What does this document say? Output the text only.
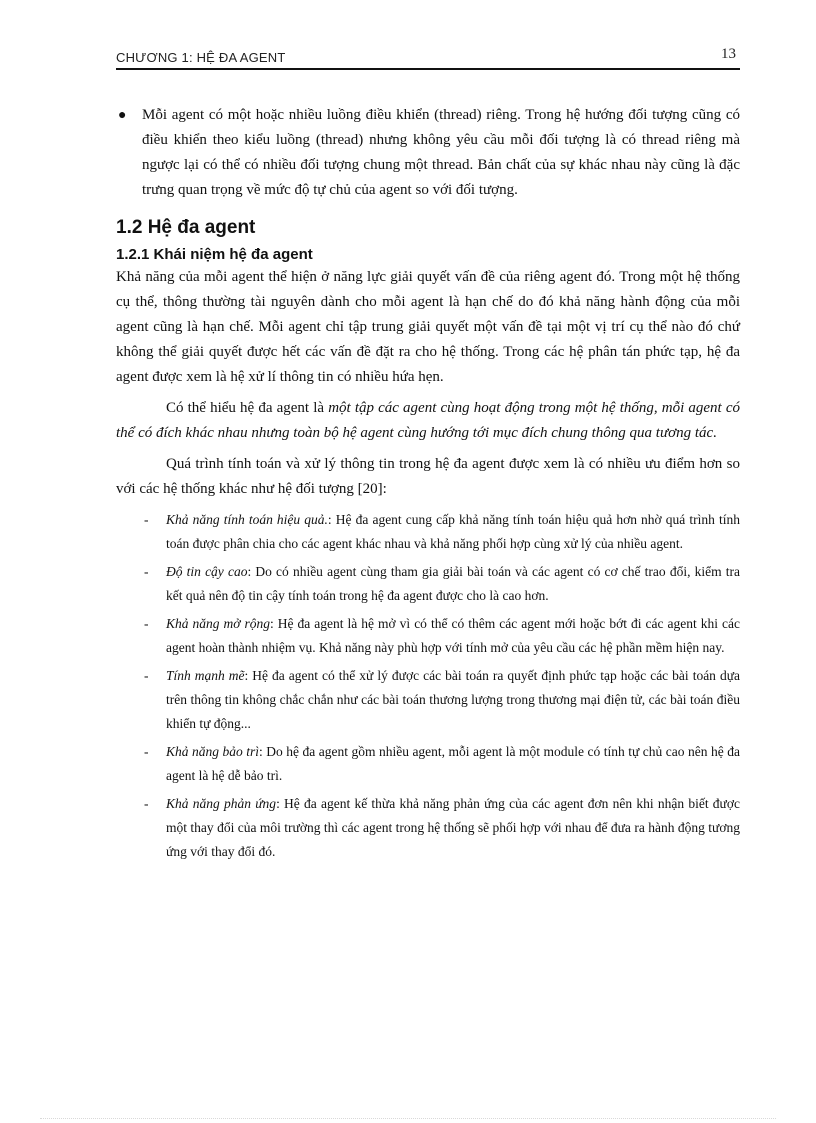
CHƯƠNG 1: HỆ ĐA AGENT	13
● Mỗi agent có một hoặc nhiều luồng điều khiển (thread) riêng. Trong hệ hướng đối tượng cũng có điều khiển theo kiểu luồng (thread) nhưng không yêu cầu mỗi đối tượng là có thread riêng mà ngược lại có thể có nhiều đối tượng chung một thread. Bản chất của sự khác nhau này cũng là đặc trưng quan trọng về mức độ tự chủ của agent so với đối tượng.
1.2 Hệ đa agent
1.2.1 Khái niệm hệ đa agent

Khả năng của mỗi agent thể hiện ở năng lực giải quyết vấn đề của riêng agent đó. Trong một hệ thống cụ thể, thông thường tài nguyên dành cho mỗi agent là hạn chế do đó khả năng hành động của mỗi agent cũng là hạn chế. Mỗi agent chỉ tập trung giải quyết một vấn đề tại một vị trí cụ thể nào đó chứ không thể giải quyết được hết các vấn đề đặt ra cho hệ thống. Trong các hệ phân tán phức tạp, hệ đa agent được xem là hệ xử lí thông tin có nhiều hứa hẹn.

Có thể hiểu hệ đa agent là một tập các agent cùng hoạt động trong một hệ thống, mỗi agent có thể có đích khác nhau nhưng toàn bộ hệ agent cùng hướng tới mục đích chung thông qua tương tác.

Quá trình tính toán và xử lý thông tin trong hệ đa agent được xem là có nhiều ưu điểm hơn so với các hệ thống khác như hệ đối tượng [20]:

- Khả năng tính toán hiệu quả.: Hệ đa agent cung cấp khả năng tính toán hiệu quả hơn nhờ quá trình tính toán được phân chia cho các agent khác nhau và khả năng phối hợp cùng xử lý của nhiều agent.
- Độ tin cậy cao: Do có nhiều agent cùng tham gia giải bài toán và các agent có cơ chế trao đổi, kiểm tra kết quả nên độ tin cậy tính toán trong hệ đa agent được cho là cao hơn.
- Khả năng mở rộng: Hệ đa agent là hệ mở vì có thể có thêm các agent mới hoặc bớt đi các agent khi các agent hoàn thành nhiệm vụ. Khả năng này phù hợp với tính mở của yêu cầu các hệ phần mềm hiện nay.
- Tính mạnh mẽ: Hệ đa agent có thể xử lý được các bài toán ra quyết định phức tạp hoặc các bài toán dựa trên thông tin không chắc chắn như các bài toán thương lượng trong thương mại điện tử, các bài toán điều khiển tự động...
- Khả năng bảo trì: Do hệ đa agent gồm nhiều agent, mỗi agent là một module có tính tự chủ cao nên hệ đa agent là hệ dễ bảo trì.
- Khả năng phản ứng: Hệ đa agent kế thừa khả năng phản ứng của các agent đơn nên khi nhận biết được một thay đổi của môi trường thì các agent trong hệ thống sẽ phối hợp với nhau để đưa ra hành động tương ứng với thay đổi đó.
